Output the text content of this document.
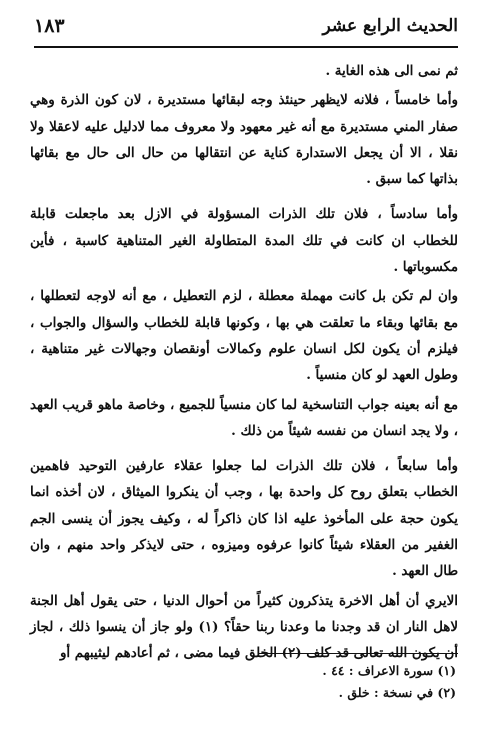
الحديث الرابع عشر
١٨٣

ثم نمى الى هذه الغاية .

وأما خامساً ، فلانه لايظهر حينئذ وجه لبقائها مستديرة ، لان كون الذرة وهي صفار المني مستديرة مع أنه غير معهود ولا معروف مما لادليل عليه لاعقلا ولا نقلا ، الا أن يجعل الاستدارة كناية عن انتقالها من حال الى حال مع بقائها بذاتها كما سبق .

وأما سادساً ، فلان تلك الذرات المسؤولة في الازل بعد ماجعلت قابلة للخطاب ان كانت في تلك المدة المتطاولة الغير المتناهية كاسبة ، فأين مكسوباتها .

وان لم تكن بل كانت مهملة معطلة ، لزم التعطيل ، مع أنه لاوجه لتعطلها ، مع بقائها وبقاء ما تعلقت هي بها ، وكونها قابلة للخطاب والسؤال والجواب ، فيلزم أن يكون لكل انسان علوم وكمالات أونقصان وجهالات غير متناهية ، وطول العهد لو كان منسياً .

مع أنه بعينه جواب التناسخية لما كان منسياً للجميع ، وخاصة ماهو قريب العهد ، ولا يجد انسان من نفسه شيئاً من ذلك .

وأما سابعاً ، فلان تلك الذرات لما جعلوا عقلاء عارفين التوحيد فاهمين الخطاب بتعلق روح كل واحدة بها ، وجب أن ينكروا الميثاق ، لان أخذه انما يكون حجة على المأخوذ عليه اذا كان ذاكراً له ، وكيف يجوز أن ينسى الجم الغفير من العقلاء شيئاً كانوا عرفوه وميزوه ، حتى لايذكر واحد منهم ، وان طال العهد .

الايري أن أهل الاخرة يتذكرون كثيراً من أحوال الدنيا ، حتى يقول أهل الجنة لاهل النار ان قد وجدنا ما وعدنا ربنا حقاً؟ (١) ولو جاز أن ينسوا ذلك ، لجاز أن يكون الله تعالى قد كلف (٢) الخلق فيما مضى ، ثم أعادهم ليثيبهم أو

(١) سورة الاعراف : ٤٤ .
(٢) في نسخة : خلق .
